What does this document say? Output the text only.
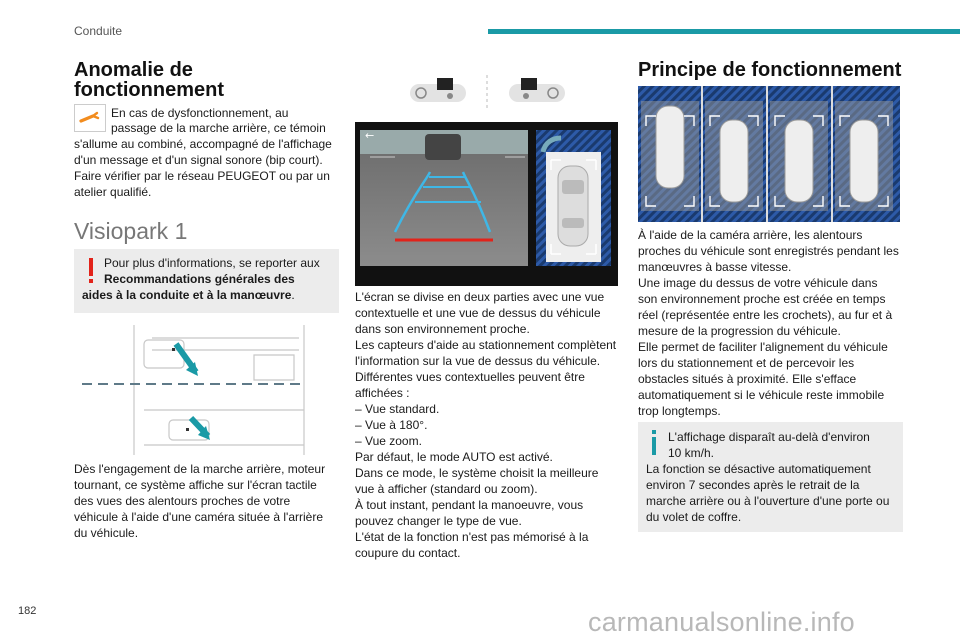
Conduite
Anomalie de
fonctionnement
En cas de dysfonctionnement, au
passage de la marche arrière, ce témoin
s'allume au combiné, accompagné de l'affichage
d'un message et d'un signal sonore (bip court).
Faire vérifier par le réseau PEUGEOT ou par un
atelier qualifié.
Visiopark 1
Pour plus d'informations, se reporter aux
Recommandations générales des
aides à la conduite et à la manœuvre.
Dès l'engagement de la marche arrière, moteur
tournant, ce système affiche sur l'écran tactile
des vues des alentours proches de votre
véhicule à l'aide d'une caméra située à l'arrière
du véhicule.
←
L'écran se divise en deux parties avec une vue
contextuelle et une vue de dessus du véhicule
dans son environnement proche.
Les capteurs d'aide au stationnement complètent
l'information sur la vue de dessus du véhicule.
Différentes vues contextuelles peuvent être
affichées :
– Vue standard.
– Vue à 180°.
– Vue zoom.
Par défaut, le mode AUTO est activé.
Dans ce mode, le système choisit la meilleure
vue à afficher (standard ou zoom).
À tout instant, pendant la manoeuvre, vous
pouvez changer le type de vue.
L'état de la fonction n'est pas mémorisé à la
coupure du contact.
Principe de fonctionnement
À l'aide de la caméra arrière, les alentours
proches du véhicule sont enregistrés pendant les
manœuvres à basse vitesse.
Une image du dessus de votre véhicule dans
son environnement proche est créée en temps
réel (représentée entre les crochets), au fur et à
mesure de la progression du véhicule.
Elle permet de faciliter l'alignement du véhicule
lors du stationnement et de percevoir les
obstacles situés à proximité. Elle s'efface
automatiquement si le véhicule reste immobile
trop longtemps.
L'affichage disparaît au-delà d'environ
10 km/h.
La fonction se désactive automatiquement
environ 7 secondes après le retrait de la
marche arrière ou à l'ouverture d'une porte ou
du volet de coffre.
182	carmanualsonline.info
